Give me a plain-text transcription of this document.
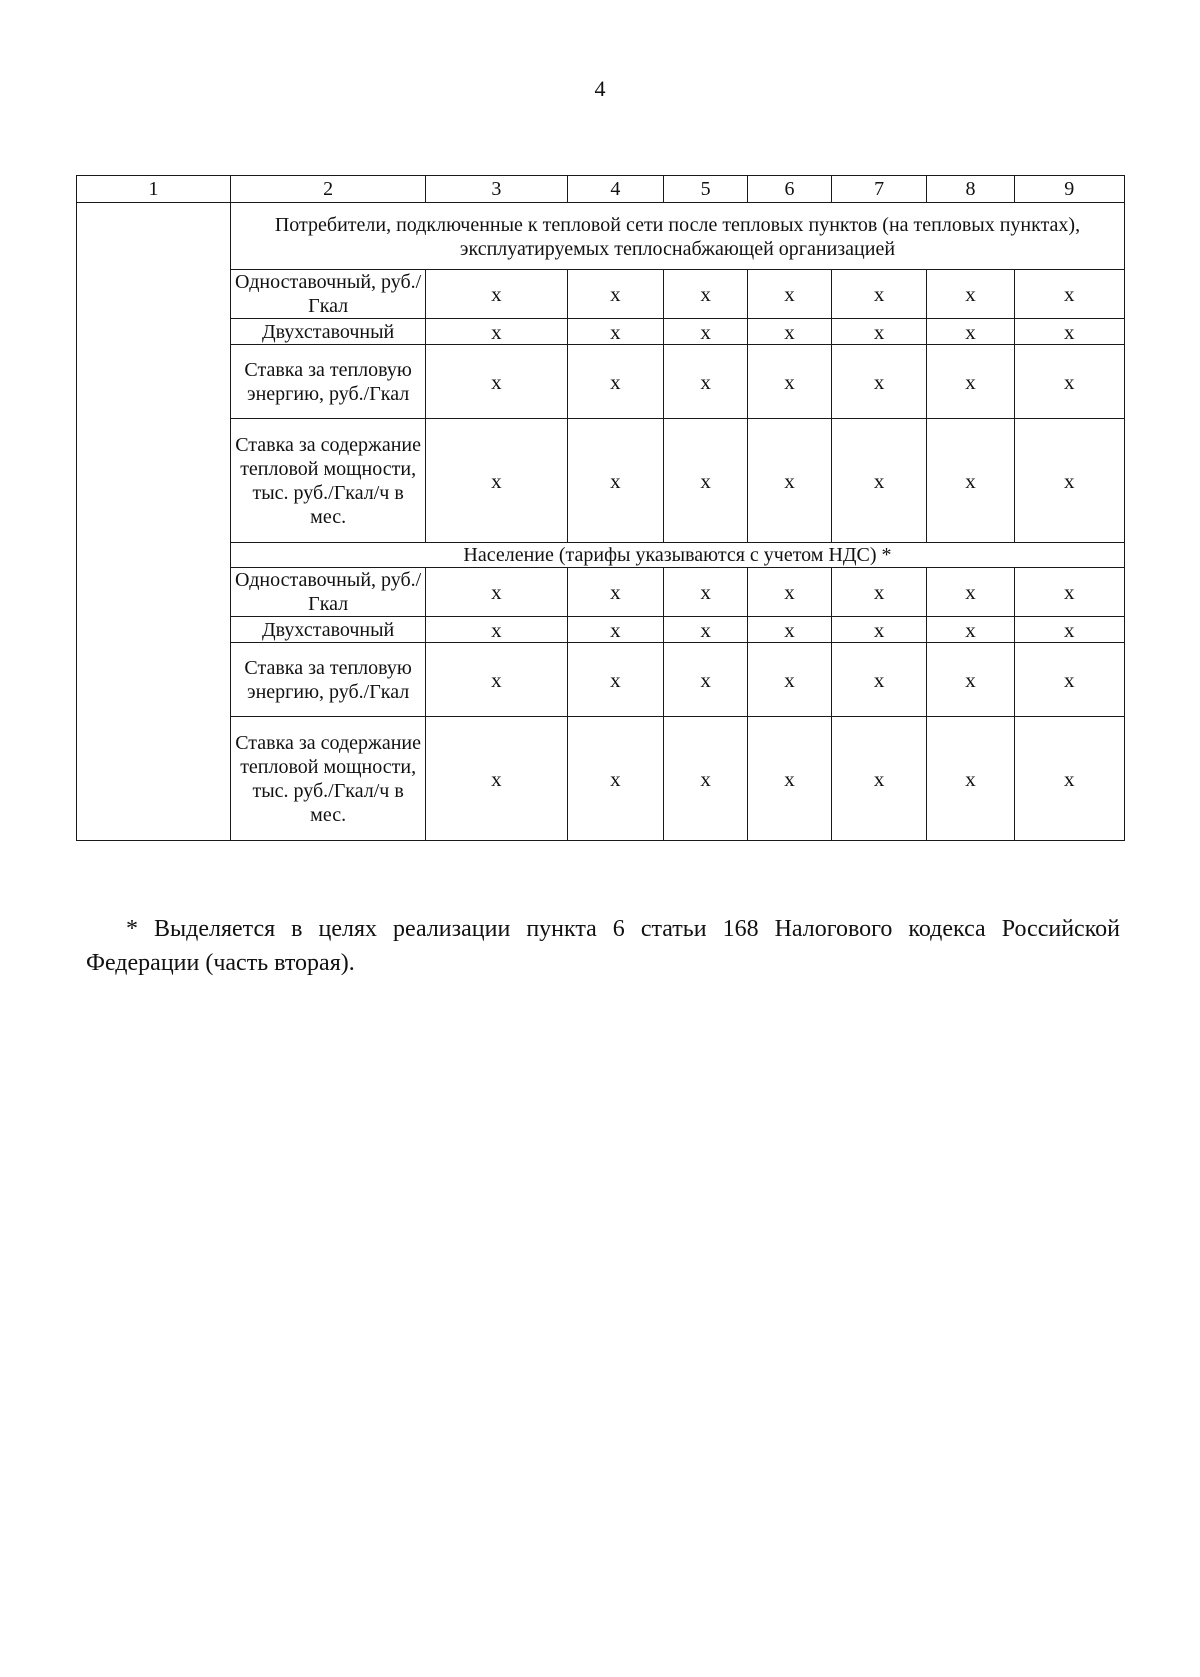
4
1	2	3	4	5	6	7	8	9
	Потребители, подключенные к тепловой сети после тепловых пунктов (на тепловых пунктах), эксплуатируемых теплоснабжающей организацией							
	Одноставочный, руб./Гкал	х	х	х	х	х	х	х
	Двухставочный	х	х	х	х	х	х	х
	Ставка за тепловую энергию, руб./Гкал	х	х	х	х	х	х	х
	Ставка за содержание тепловой мощности, тыс. руб./Гкал/ч в мес.	х	х	х	х	х	х	х
	Население (тарифы указываются с учетом НДС) *							
	Одноставочный, руб./Гкал	х	х	х	х	х	х	х
	Двухставочный	х	х	х	х	х	х	х
	Ставка за тепловую энергию, руб./Гкал	х	х	х	х	х	х	х
	Ставка за содержание тепловой мощности, тыс. руб./Гкал/ч в мес.	х	х	х	х	х	х	х

* Выделяется в целях реализации пункта 6 статьи 168 Налогового кодекса Российской Федерации (часть вторая).
